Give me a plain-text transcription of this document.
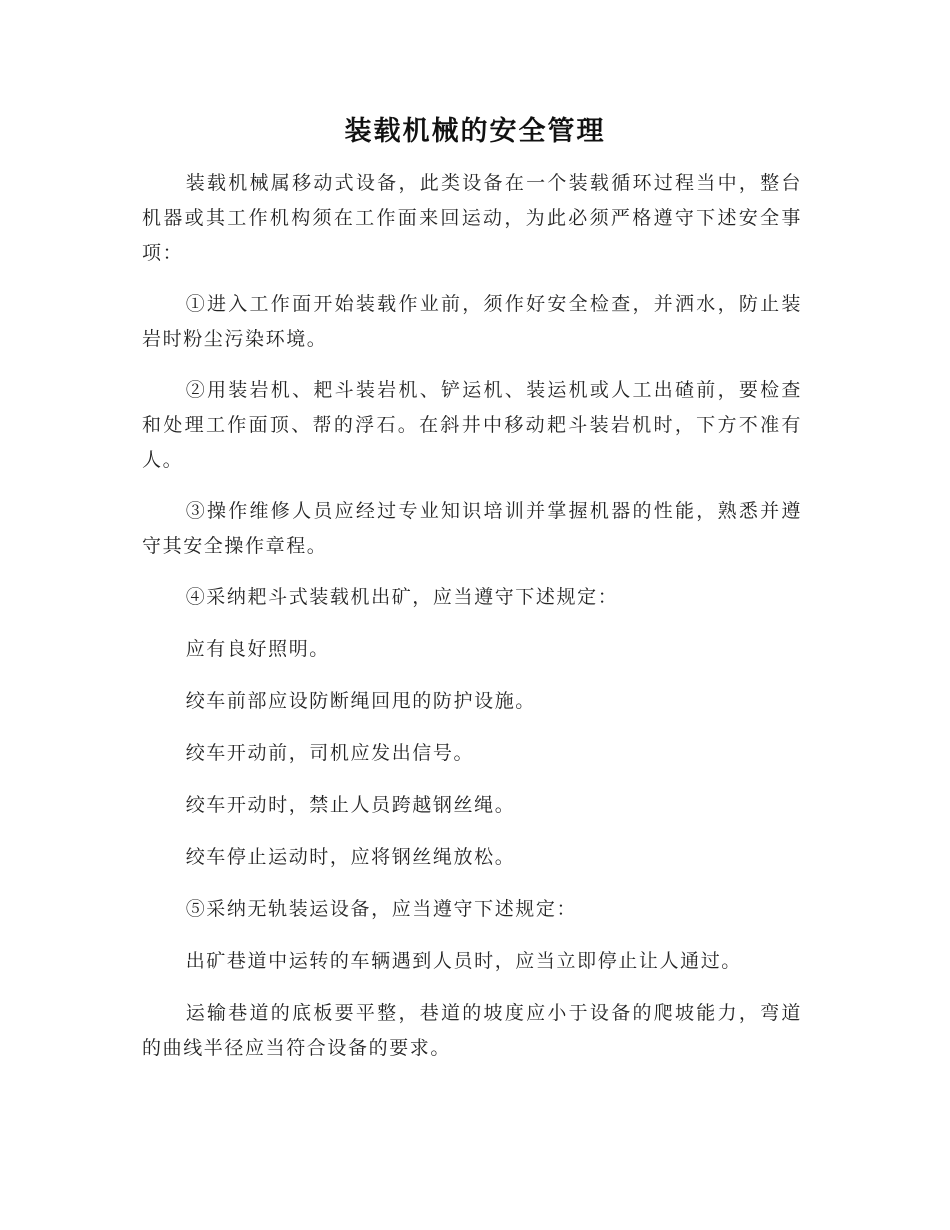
装载机械的安全管理

装载机械属移动式设备，此类设备在一个装载循环过程当中，整台机器或其工作机构须在工作面来回运动，为此必须严格遵守下述安全事项：

①进入工作面开始装载作业前，须作好安全检查，并洒水，防止装岩时粉尘污染环境。

②用装岩机、耙斗装岩机、铲运机、装运机或人工出碴前，要检查和处理工作面顶、帮的浮石。在斜井中移动耙斗装岩机时，下方不准有人。

③操作维修人员应经过专业知识培训并掌握机器的性能，熟悉并遵守其安全操作章程。

④采纳耙斗式装载机出矿，应当遵守下述规定：

应有良好照明。

绞车前部应设防断绳回甩的防护设施。

绞车开动前，司机应发出信号。

绞车开动时，禁止人员跨越钢丝绳。

绞车停止运动时，应将钢丝绳放松。

⑤采纳无轨装运设备，应当遵守下述规定：

出矿巷道中运转的车辆遇到人员时，应当立即停止让人通过。

运输巷道的底板要平整，巷道的坡度应小于设备的爬坡能力，弯道的曲线半径应当符合设备的要求。
